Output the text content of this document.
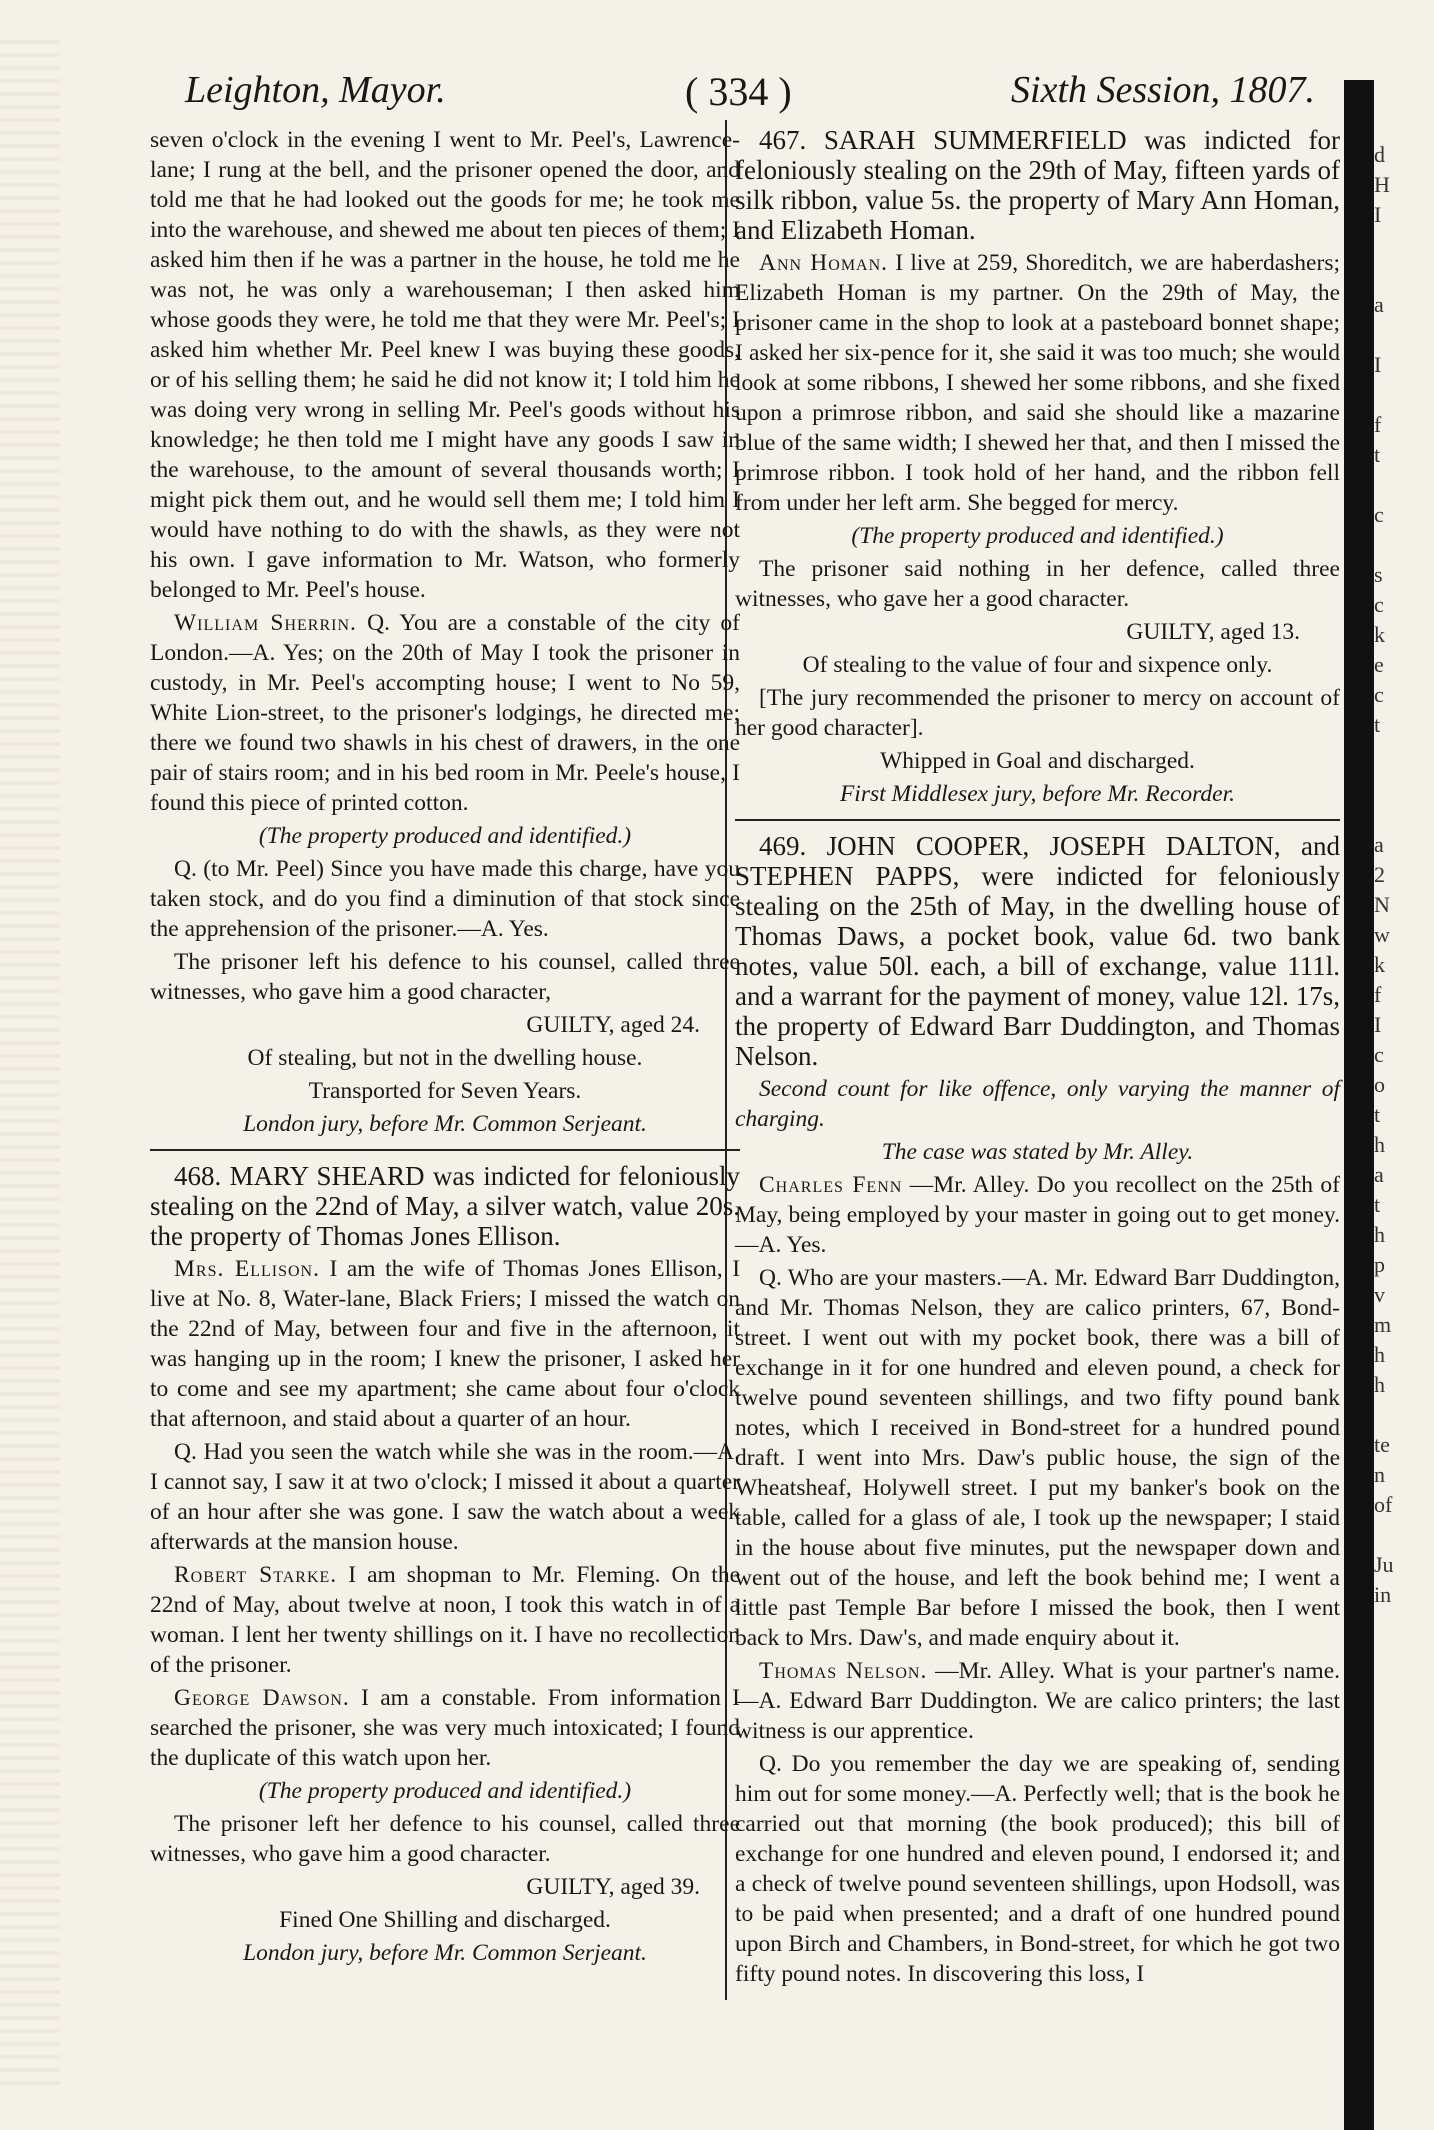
Leighton, Mayor.	( 334 )	Sixth Session, 1807.

seven o'clock in the evening I went to Mr. Peel's, Lawrence-lane; I rung at the bell, and the prisoner opened the door, and told me that he had looked out the goods for me; he took me into the warehouse, and shewed me about ten pieces of them; I asked him then if he was a partner in the house, he told me he was not, he was only a warehouseman; I then asked him whose goods they were, he told me that they were Mr. Peel's; I asked him whether Mr. Peel knew I was buying these goods, or of his selling them; he said he did not know it; I told him he was doing very wrong in selling Mr. Peel's goods without his knowledge; he then told me I might have any goods I saw in the warehouse, to the amount of several thousands worth; I might pick them out, and he would sell them me; I told him I would have nothing to do with the shawls, as they were not his own. I gave information to Mr. Watson, who formerly belonged to Mr. Peel's house.

William Sherrin. Q. You are a constable of the city of London.—A. Yes; on the 20th of May I took the prisoner in custody, in Mr. Peel's accompting house; I went to No 59, White Lion-street, to the prisoner's lodgings, he directed me; there we found two shawls in his chest of drawers, in the one pair of stairs room; and in his bed room in Mr. Peele's house, I found this piece of printed cotton.

(The property produced and identified.)

Q. (to Mr. Peel) Since you have made this charge, have you taken stock, and do you find a diminution of that stock since the apprehension of the prisoner.—A. Yes.

The prisoner left his defence to his counsel, called three witnesses, who gave him a good character,

GUILTY, aged 24.

Of stealing, but not in the dwelling house.

Transported for Seven Years.

London jury, before Mr. Common Serjeant.

468. MARY SHEARD was indicted for feloniously stealing on the 22nd of May, a silver watch, value 20s. the property of Thomas Jones Ellison.

Mrs. Ellison. I am the wife of Thomas Jones Ellison, I live at No. 8, Water-lane, Black Friers; I missed the watch on the 22nd of May, between four and five in the afternoon, it was hanging up in the room; I knew the prisoner, I asked her to come and see my apartment; she came about four o'clock that afternoon, and staid about a quarter of an hour.

Q. Had you seen the watch while she was in the room.—A. I cannot say, I saw it at two o'clock; I missed it about a quarter of an hour after she was gone. I saw the watch about a week afterwards at the mansion house.

Robert Starke. I am shopman to Mr. Fleming. On the 22nd of May, about twelve at noon, I took this watch in of a woman. I lent her twenty shillings on it. I have no recollection of the prisoner.

George Dawson. I am a constable. From information I searched the prisoner, she was very much intoxicated; I found the duplicate of this watch upon her.

(The property produced and identified.)

The prisoner left her defence to his counsel, called three witnesses, who gave him a good character.

GUILTY, aged 39.

Fined One Shilling and discharged.

London jury, before Mr. Common Serjeant.

467. SARAH SUMMERFIELD was indicted for feloniously stealing on the 29th of May, fifteen yards of silk ribbon, value 5s. the property of Mary Ann Homan, and Elizabeth Homan.

Ann Homan. I live at 259, Shoreditch, we are haberdashers; Elizabeth Homan is my partner. On the 29th of May, the prisoner came in the shop to look at a pasteboard bonnet shape; I asked her six-pence for it, she said it was too much; she would look at some ribbons, I shewed her some ribbons, and she fixed upon a primrose ribbon, and said she should like a mazarine blue of the same width; I shewed her that, and then I missed the primrose ribbon. I took hold of her hand, and the ribbon fell from under her left arm. She begged for mercy.

(The property produced and identified.)

The prisoner said nothing in her defence, called three witnesses, who gave her a good character.

GUILTY, aged 13.

Of stealing to the value of four and sixpence only.

[The jury recommended the prisoner to mercy on account of her good character].

Whipped in Goal and discharged.

First Middlesex jury, before Mr. Recorder.

469. JOHN COOPER, JOSEPH DALTON, and STEPHEN PAPPS, were indicted for feloniously stealing on the 25th of May, in the dwelling house of Thomas Daws, a pocket book, value 6d. two bank notes, value 50l. each, a bill of exchange, value 111l. and a warrant for the payment of money, value 12l. 17s, the property of Edward Barr Duddington, and Thomas Nelson.

Second count for like offence, only varying the manner of charging.

The case was stated by Mr. Alley.

Charles Fenn —Mr. Alley. Do you recollect on the 25th of May, being employed by your master in going out to get money.—A. Yes.

Q. Who are your masters.—A. Mr. Edward Barr Duddington, and Mr. Thomas Nelson, they are calico printers, 67, Bond-street. I went out with my pocket book, there was a bill of exchange in it for one hundred and eleven pound, a check for twelve pound seventeen shillings, and two fifty pound bank notes, which I received in Bond-street for a hundred pound draft. I went into Mrs. Daw's public house, the sign of the Wheatsheaf, Holywell street. I put my banker's book on the table, called for a glass of ale, I took up the newspaper; I staid in the house about five minutes, put the newspaper down and went out of the house, and left the book behind me; I went a little past Temple Bar before I missed the book, then I went back to Mrs. Daw's, and made enquiry about it.

Thomas Nelson. —Mr. Alley. What is your partner's name.—A. Edward Barr Duddington. We are calico printers; the last witness is our apprentice.

Q. Do you remember the day we are speaking of, sending him out for some money.—A. Perfectly well; that is the book he carried out that morning (the book produced); this bill of exchange for one hundred and eleven pound, I endorsed it; and a check of twelve pound seventeen shillings, upon Hodsoll, was to be paid when presented; and a draft of one hundred pound upon Birch and Chambers, in Bond-street, for which he got two fifty pound notes. In discovering this loss, I

d
H
I

a

I

f
t

c

s
c
k
e
c
t

a
2
N
w
k
f
I
c
o
t
h
a
t
h
p
v
m
h
h

te
n
of

Ju
in
